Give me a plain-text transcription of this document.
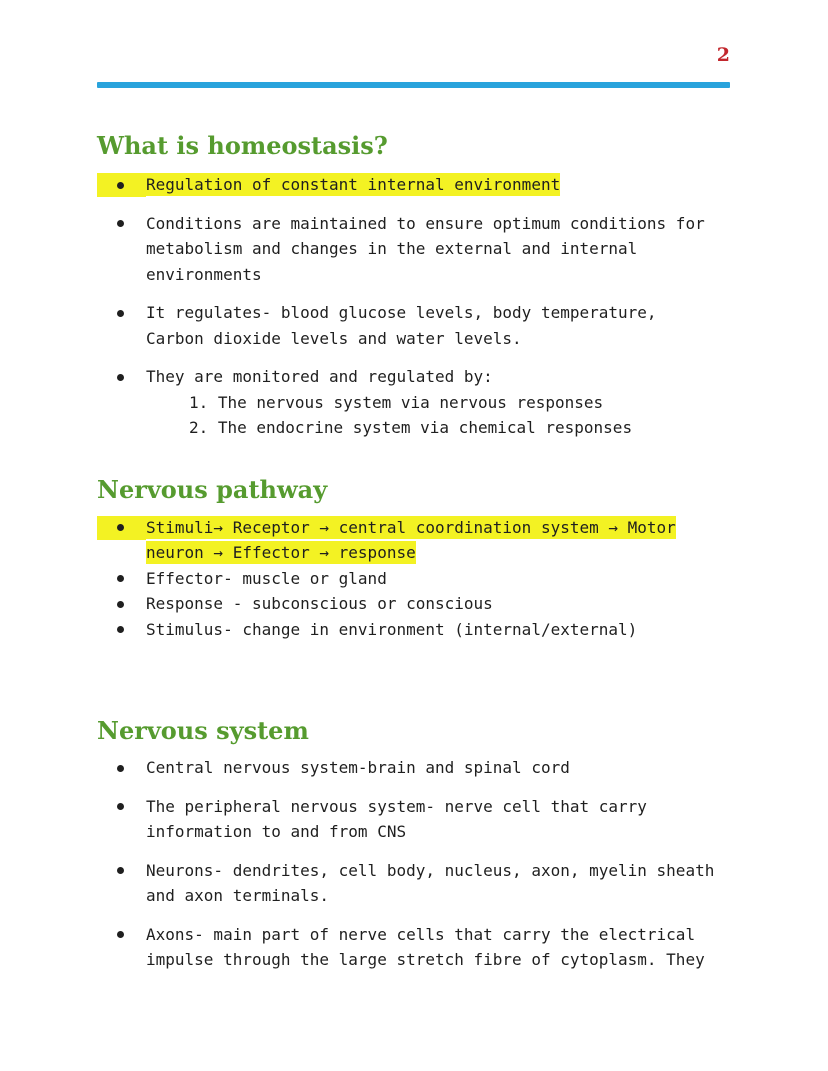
2
What is homeostasis?
Regulation of constant internal environment
Conditions are maintained to ensure optimum conditions for metabolism and changes in the external and internal environments
It regulates- blood glucose levels, body temperature, Carbon dioxide levels and water levels.
They are monitored and regulated by:
1. The nervous system via nervous responses
2. The endocrine system via chemical responses
Nervous pathway
Stimuli→ Receptor → central coordination system → Motor neuron → Effector → response
Effector- muscle or gland
Response - subconscious or conscious
Stimulus- change in environment (internal/external)
Nervous system
Central nervous system-brain and spinal cord
The peripheral nervous system- nerve cell that carry information to and from CNS
Neurons- dendrites, cell body, nucleus, axon, myelin sheath and axon terminals.
Axons- main part of nerve cells that carry the electrical impulse through the large stretch fibre of cytoplasm. They
